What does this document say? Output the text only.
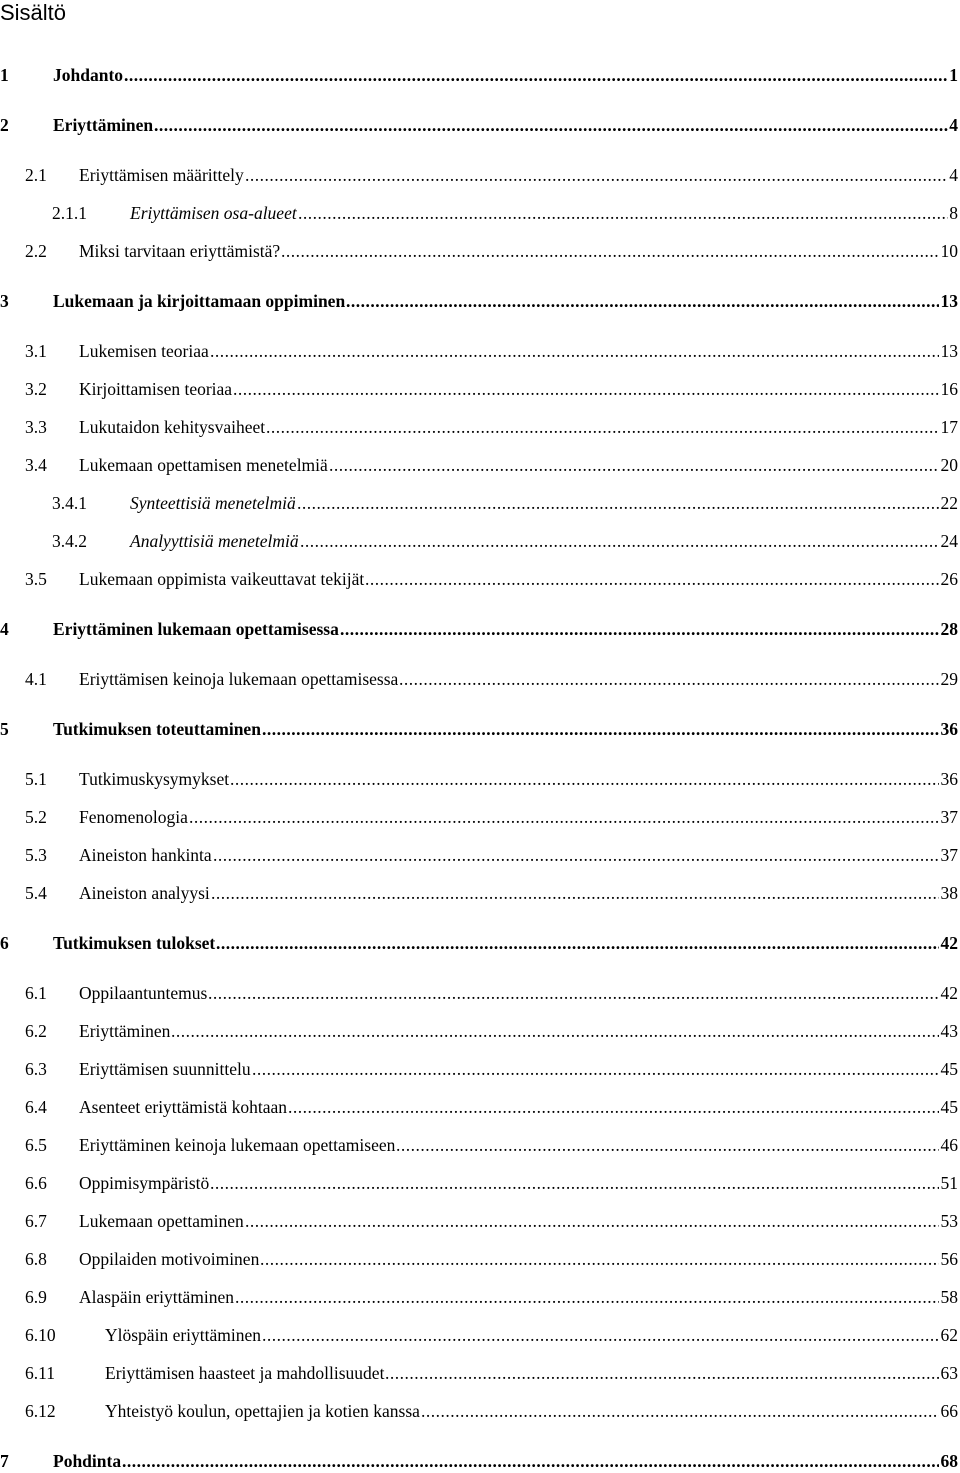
Sisältö
1 .....	Johdanto	1
2 .....	Eriyttäminen	4
2.1 ..... Eriyttämisen määrittely	4
2.1.1 ..... Eriyttämisen osa-alueet	8
2.2 ..... Miksi tarvitaan eriyttämistä?	10
3 .....	Lukemaan ja kirjoittamaan oppiminen	13
3.1 ..... Lukemisen teoriaa	13
3.2 ..... Kirjoittamisen teoriaa	16
3.3 ..... Lukutaidon kehitysvaiheet	17
3.4 ..... Lukemaan opettamisen menetelmiä	20
3.4.1 ..... Synteettisiä menetelmiä	22
3.4.2 ..... Analyyttisiä menetelmiä	24
3.5 ..... Lukemaan oppimista vaikeuttavat tekijät	26
4 .....	Eriyttäminen lukemaan opettamisessa	28
4.1 ..... Eriyttämisen keinoja lukemaan opettamisessa	29
5 .....	Tutkimuksen toteuttaminen	36
5.1 ..... Tutkimuskysymykset	36
5.2 ..... Fenomenologia	37
5.3 ..... Aineiston hankinta	37
5.4 ..... Aineiston analyysi	38
6 .....	Tutkimuksen tulokset	42
6.1 ..... Oppilaantuntemus	42
6.2 ..... Eriyttäminen	43
6.3 ..... Eriyttämisen suunnittelu	45
6.4 ..... Asenteet eriyttämistä kohtaan	45
6.5 ..... Eriyttäminen keinoja lukemaan opettamiseen	46
6.6 ..... Oppimisympäristö	51
6.7 ..... Lukemaan opettaminen	53
6.8 ..... Oppilaiden motivoiminen	56
6.9 ..... Alaspäin eriyttäminen	58
6.10 .....	Ylöspäin eriyttäminen	62
6.11 .....	Eriyttämisen haasteet ja mahdollisuudet	63
6.12 .....	Yhteistyö koulun, opettajien ja kotien kanssa	66
7 .....	Pohdinta	68
